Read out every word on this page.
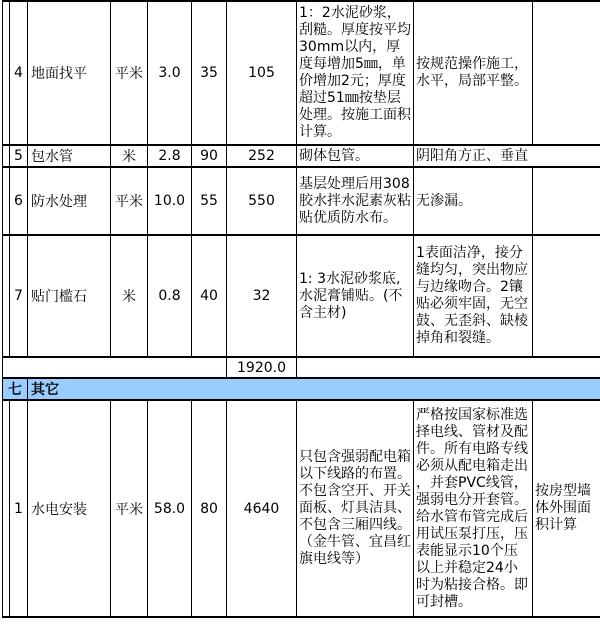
	4	地面找平	平米	3.0	35	105	1：2水泥砂浆，刮糙。厚度按平均30mm以内，厚度每增加5㎜，单价增加2元；厚度超过51㎜按垫层处理。按施工面积计算。	按规范操作施工，水平，局部平整。	
	5	包水管	米	2.8	90	252	砌体包管。	阴阳角方正、垂直	
	6	防水处理	平米	10.0	55	550	基层处理后用308胶水拌水泥素灰粘贴优质防水布。	无渗漏。	
	7	贴门槛石	米	0.8	40	32	1: 3水泥砂浆底, 水泥膏铺贴。(不含主材)	1表面洁净，接分缝均匀，突出物应与边缘吻合。2镶贴必须牢固，无空鼓、无歪斜、缺棱掉角和裂缝。	
						1920.0			
七		其它							
	1	水电安装	平米	58.0	80	4640	只包含强弱配电箱以下线路的布置。不包含空开、开关面板、灯具洁具、不包含三厢四线。（金牛管、宜昌红旗电线等）	严格按国家标准选择电线、管材及配件。所有电路专线必须从配电箱走出，并套PVC线管，强弱电分开套管。给水管布管完成后用试压泵打压，压表能显示10个压以上并稳定24小时为粘接合格。即可封槽。	按房型墙体外围面积计算
